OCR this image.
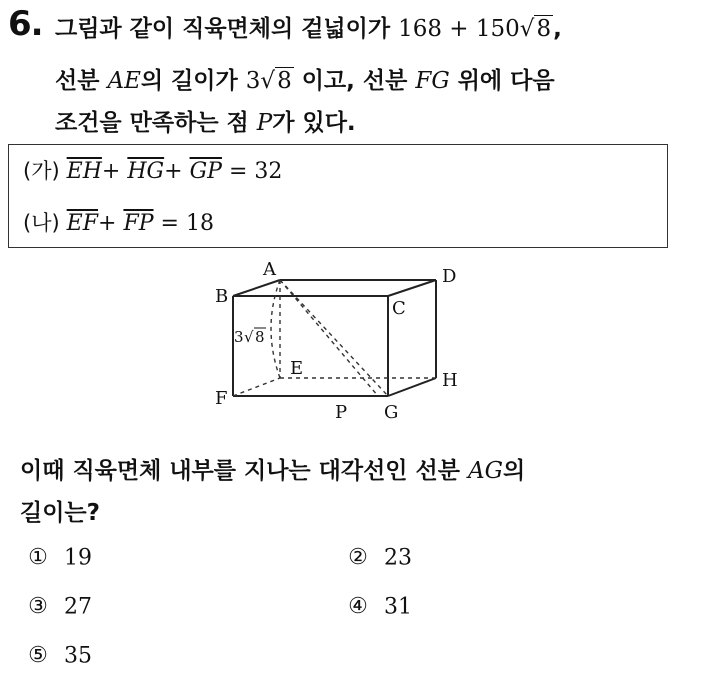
6. 그림과 같이 직육면체의 겉넓이가 168 + 150√8,
선분 AE의 길이가 3√8 이고, 선분 FG 위에 다음
조건을 만족하는 점 P가 있다.
(가) $\overline{EH}+ \overline{HG}+ \overline{GP} = 32$
(나) $\overline{EF}+ \overline{FP} = 18$
A
B
C
D
E
F
G
H
P
3 √ 8
이때 직육면체 내부를 지나는 대각선인 선분 AG의
길이는?
① 19	② 23
③ 27	④ 31
⑤ 35
